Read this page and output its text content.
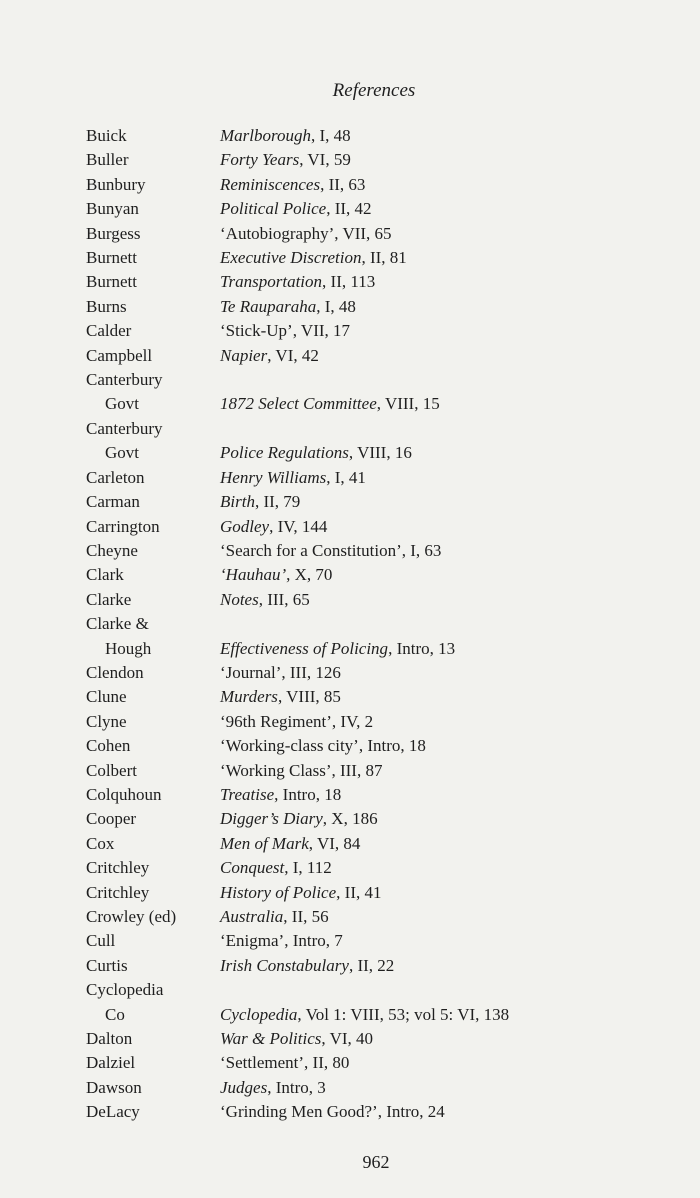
References
Buick	Marlborough, I, 48
Buller	Forty Years, VI, 59
Bunbury	Reminiscences, II, 63
Bunyan	Political Police, II, 42
Burgess	‘Autobiography’, VII, 65
Burnett	Executive Discretion, II, 81
Burnett	Transportation, II, 113
Burns	Te Rauparaha, I, 48
Calder	‘Stick-Up’, VII, 17
Campbell	Napier, VI, 42
Canterbury
Govt	1872 Select Committee, VIII, 15
Canterbury
Govt	Police Regulations, VIII, 16
Carleton	Henry Williams, I, 41
Carman	Birth, II, 79
Carrington	Godley, IV, 144
Cheyne	‘Search for a Constitution’, I, 63
Clark	‘Hauhau’, X, 70
Clarke	Notes, III, 65
Clarke &
Hough	Effectiveness of Policing, Intro, 13
Clendon	‘Journal’, III, 126
Clune	Murders, VIII, 85
Clyne	‘96th Regiment’, IV, 2
Cohen	‘Working-class city’, Intro, 18
Colbert	‘Working Class’, III, 87
Colquhoun	Treatise, Intro, 18
Cooper	Digger’s Diary, X, 186
Cox	Men of Mark, VI, 84
Critchley	Conquest, I, 112
Critchley	History of Police, II, 41
Crowley (ed)	Australia, II, 56
Cull	‘Enigma’, Intro, 7
Curtis	Irish Constabulary, II, 22
Cyclopedia
Co	Cyclopedia, Vol 1: VIII, 53; vol 5: VI, 138
Dalton	War & Politics, VI, 40
Dalziel	‘Settlement’, II, 80
Dawson	Judges, Intro, 3
DeLacy	‘Grinding Men Good?’, Intro, 24
962
